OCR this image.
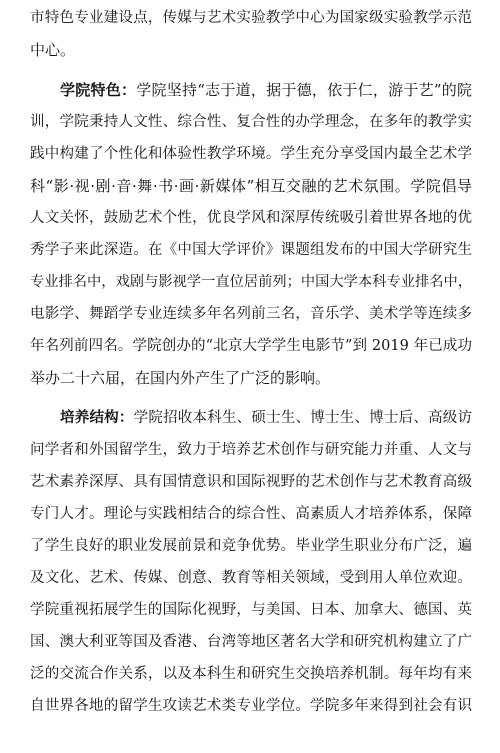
市特色专业建设点，传媒与艺术实验教学中心为国家级实验教学示范
中心。
学院特色：学院坚持“志于道，据于德，依于仁，游于艺”的院
训，学院秉持人文性、综合性、复合性的办学理念，在多年的教学实
践中构建了个性化和体验性教学环境。学生充分享受国内最全艺术学
科“影·视·剧·音·舞·书·画·新媒体”相互交融的艺术氛围。学院倡导
人文关怀，鼓励艺术个性，优良学风和深厚传统吸引着世界各地的优
秀学子来此深造。在《中国大学评价》课题组发布的中国大学研究生
专业排名中，戏剧与影视学一直位居前列；中国大学本科专业排名中，
电影学、舞蹈学专业连续多年名列前三名，音乐学、美术学等连续多
年名列前四名。学院创办的“北京大学学生电影节”到 2019 年已成功
举办二十六届，在国内外产生了广泛的影响。
培养结构：学院招收本科生、硕士生、博士生、博士后、高级访
问学者和外国留学生，致力于培养艺术创作与研究能力并重、人文与
艺术素养深厚、具有国情意识和国际视野的艺术创作与艺术教育高级
专门人才。理论与实践相结合的综合性、高素质人才培养体系，保障
了学生良好的职业发展前景和竞争优势。毕业学生职业分布广泛，遍
及文化、艺术、传媒、创意、教育等相关领域，受到用人单位欢迎。
学院重视拓展学生的国际化视野，与美国、日本、加拿大、德国、英
国、澳大利亚等国及香港、台湾等地区著名大学和研究机构建立了广
泛的交流合作关系，以及本科生和研究生交换培养机制。每年均有来
自世界各地的留学生攻读艺术类专业学位。学院多年来得到社会有识
